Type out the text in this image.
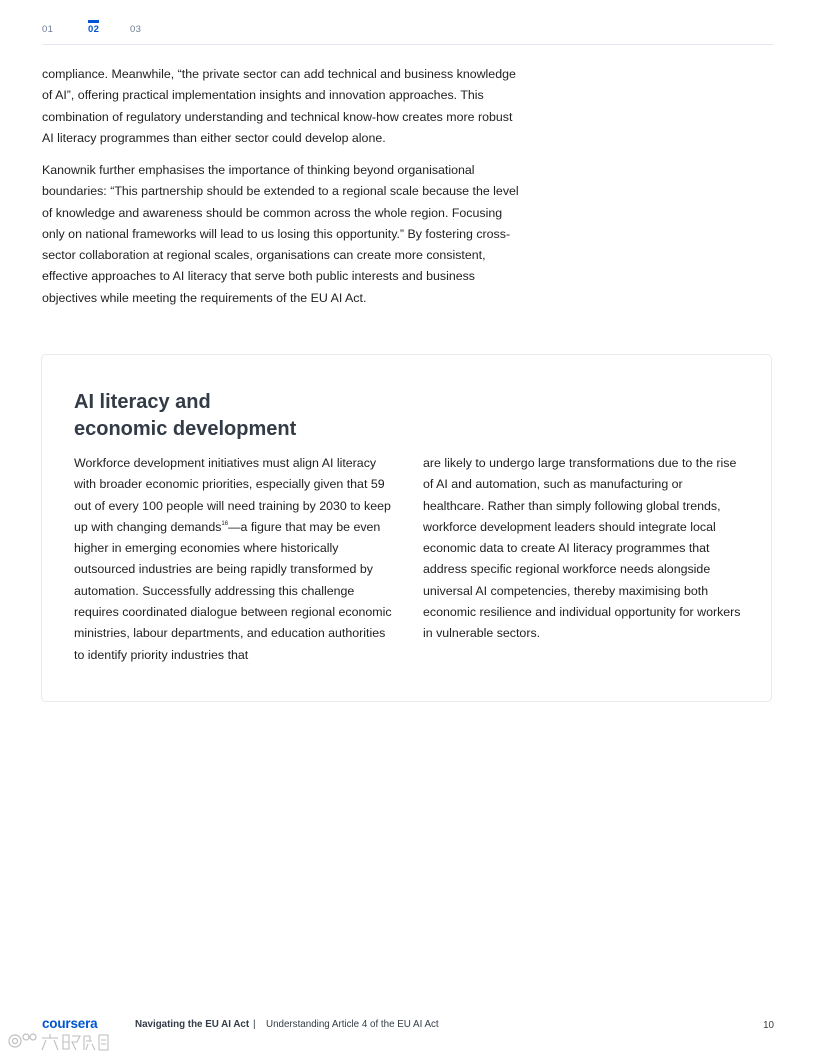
01	02	03

compliance. Meanwhile, “the private sector can add technical and business knowledge of AI”, offering practical implementation insights and innovation approaches. This combination of regulatory understanding and technical know-how creates more robust AI literacy programmes than either sector could develop alone.

Kanownik further emphasises the importance of thinking beyond organisational boundaries: “This partnership should be extended to a regional scale because the level of knowledge and awareness should be common across the whole region. Focusing only on national frameworks will lead to us losing this opportunity.” By fostering cross-sector collaboration at regional scales, organisations can create more consistent, effective approaches to AI literacy that serve both public interests and business objectives while meeting the requirements of the EU AI Act.

AI literacy and
economic development

Workforce development initiatives must align AI literacy with broader economic priorities, especially given that 59 out of every 100 people will need training by 2030 to keep up with changing demands$^{16}$—a figure that may be even higher in emerging economies where historically outsourced industries are being rapidly transformed by automation. Successfully addressing this challenge requires coordinated dialogue between regional economic ministries, labour departments, and education authorities to identify priority industries that

are likely to undergo large transformations due to the rise of AI and automation, such as manufacturing or healthcare. Rather than simply following global trends, workforce development leaders should integrate local economic data to create AI literacy programmes that address specific regional workforce needs alongside universal AI competencies, thereby maximising both economic resilience and individual opportunity for workers in vulnerable sectors.

coursera	Navigating the EU AI Act | Understanding Article 4 of the EU AI Act	10
